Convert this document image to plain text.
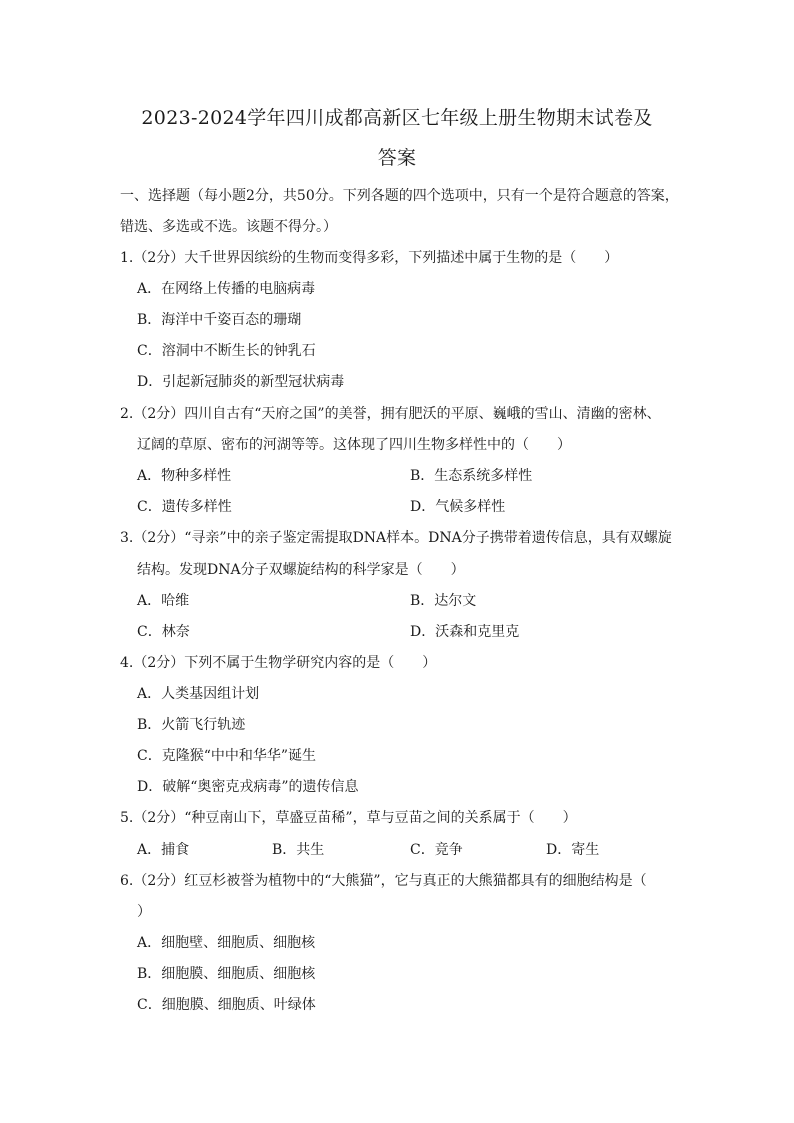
2023-2024学年四川成都高新区七年级上册生物期末试卷及
答案
一、选择题（每小题2分，共50分。下列各题的四个选项中，只有一个是符合题意的答案，
错选、多选或不选。该题不得分。）
1.（2分）大千世界因缤纷的生物而变得多彩，下列描述中属于生物的是（　　）
A．在网络上传播的电脑病毒
B．海洋中千姿百态的珊瑚
C．溶洞中不断生长的钟乳石
D．引起新冠肺炎的新型冠状病毒
2.（2分）四川自古有“天府之国”的美誉，拥有肥沃的平原、巍峨的雪山、清幽的密林、
辽阔的草原、密布的河湖等等。这体现了四川生物多样性中的（　　）
A．物种多样性	B．生态系统多样性
C．遗传多样性	D．气候多样性
3.（2分）“寻亲”中的亲子鉴定需提取DNA样本。DNA分子携带着遗传信息，具有双螺旋
结构。发现DNA分子双螺旋结构的科学家是（　　）
A．哈维	B．达尔文
C．林奈	D．沃森和克里克
4.（2分）下列不属于生物学研究内容的是（　　）
A．人类基因组计划
B．火箭飞行轨迹
C．克隆猴“中中和华华”诞生
D．破解“奥密克戎病毒”的遗传信息
5.（2分）“种豆南山下，草盛豆苗稀”，草与豆苗之间的关系属于（　　）
A．捕食	B．共生	C．竞争	D．寄生
6.（2分）红豆杉被誉为植物中的“大熊猫”，它与真正的大熊猫都具有的细胞结构是（
）
A．细胞壁、细胞质、细胞核
B．细胞膜、细胞质、细胞核
C．细胞膜、细胞质、叶绿体
